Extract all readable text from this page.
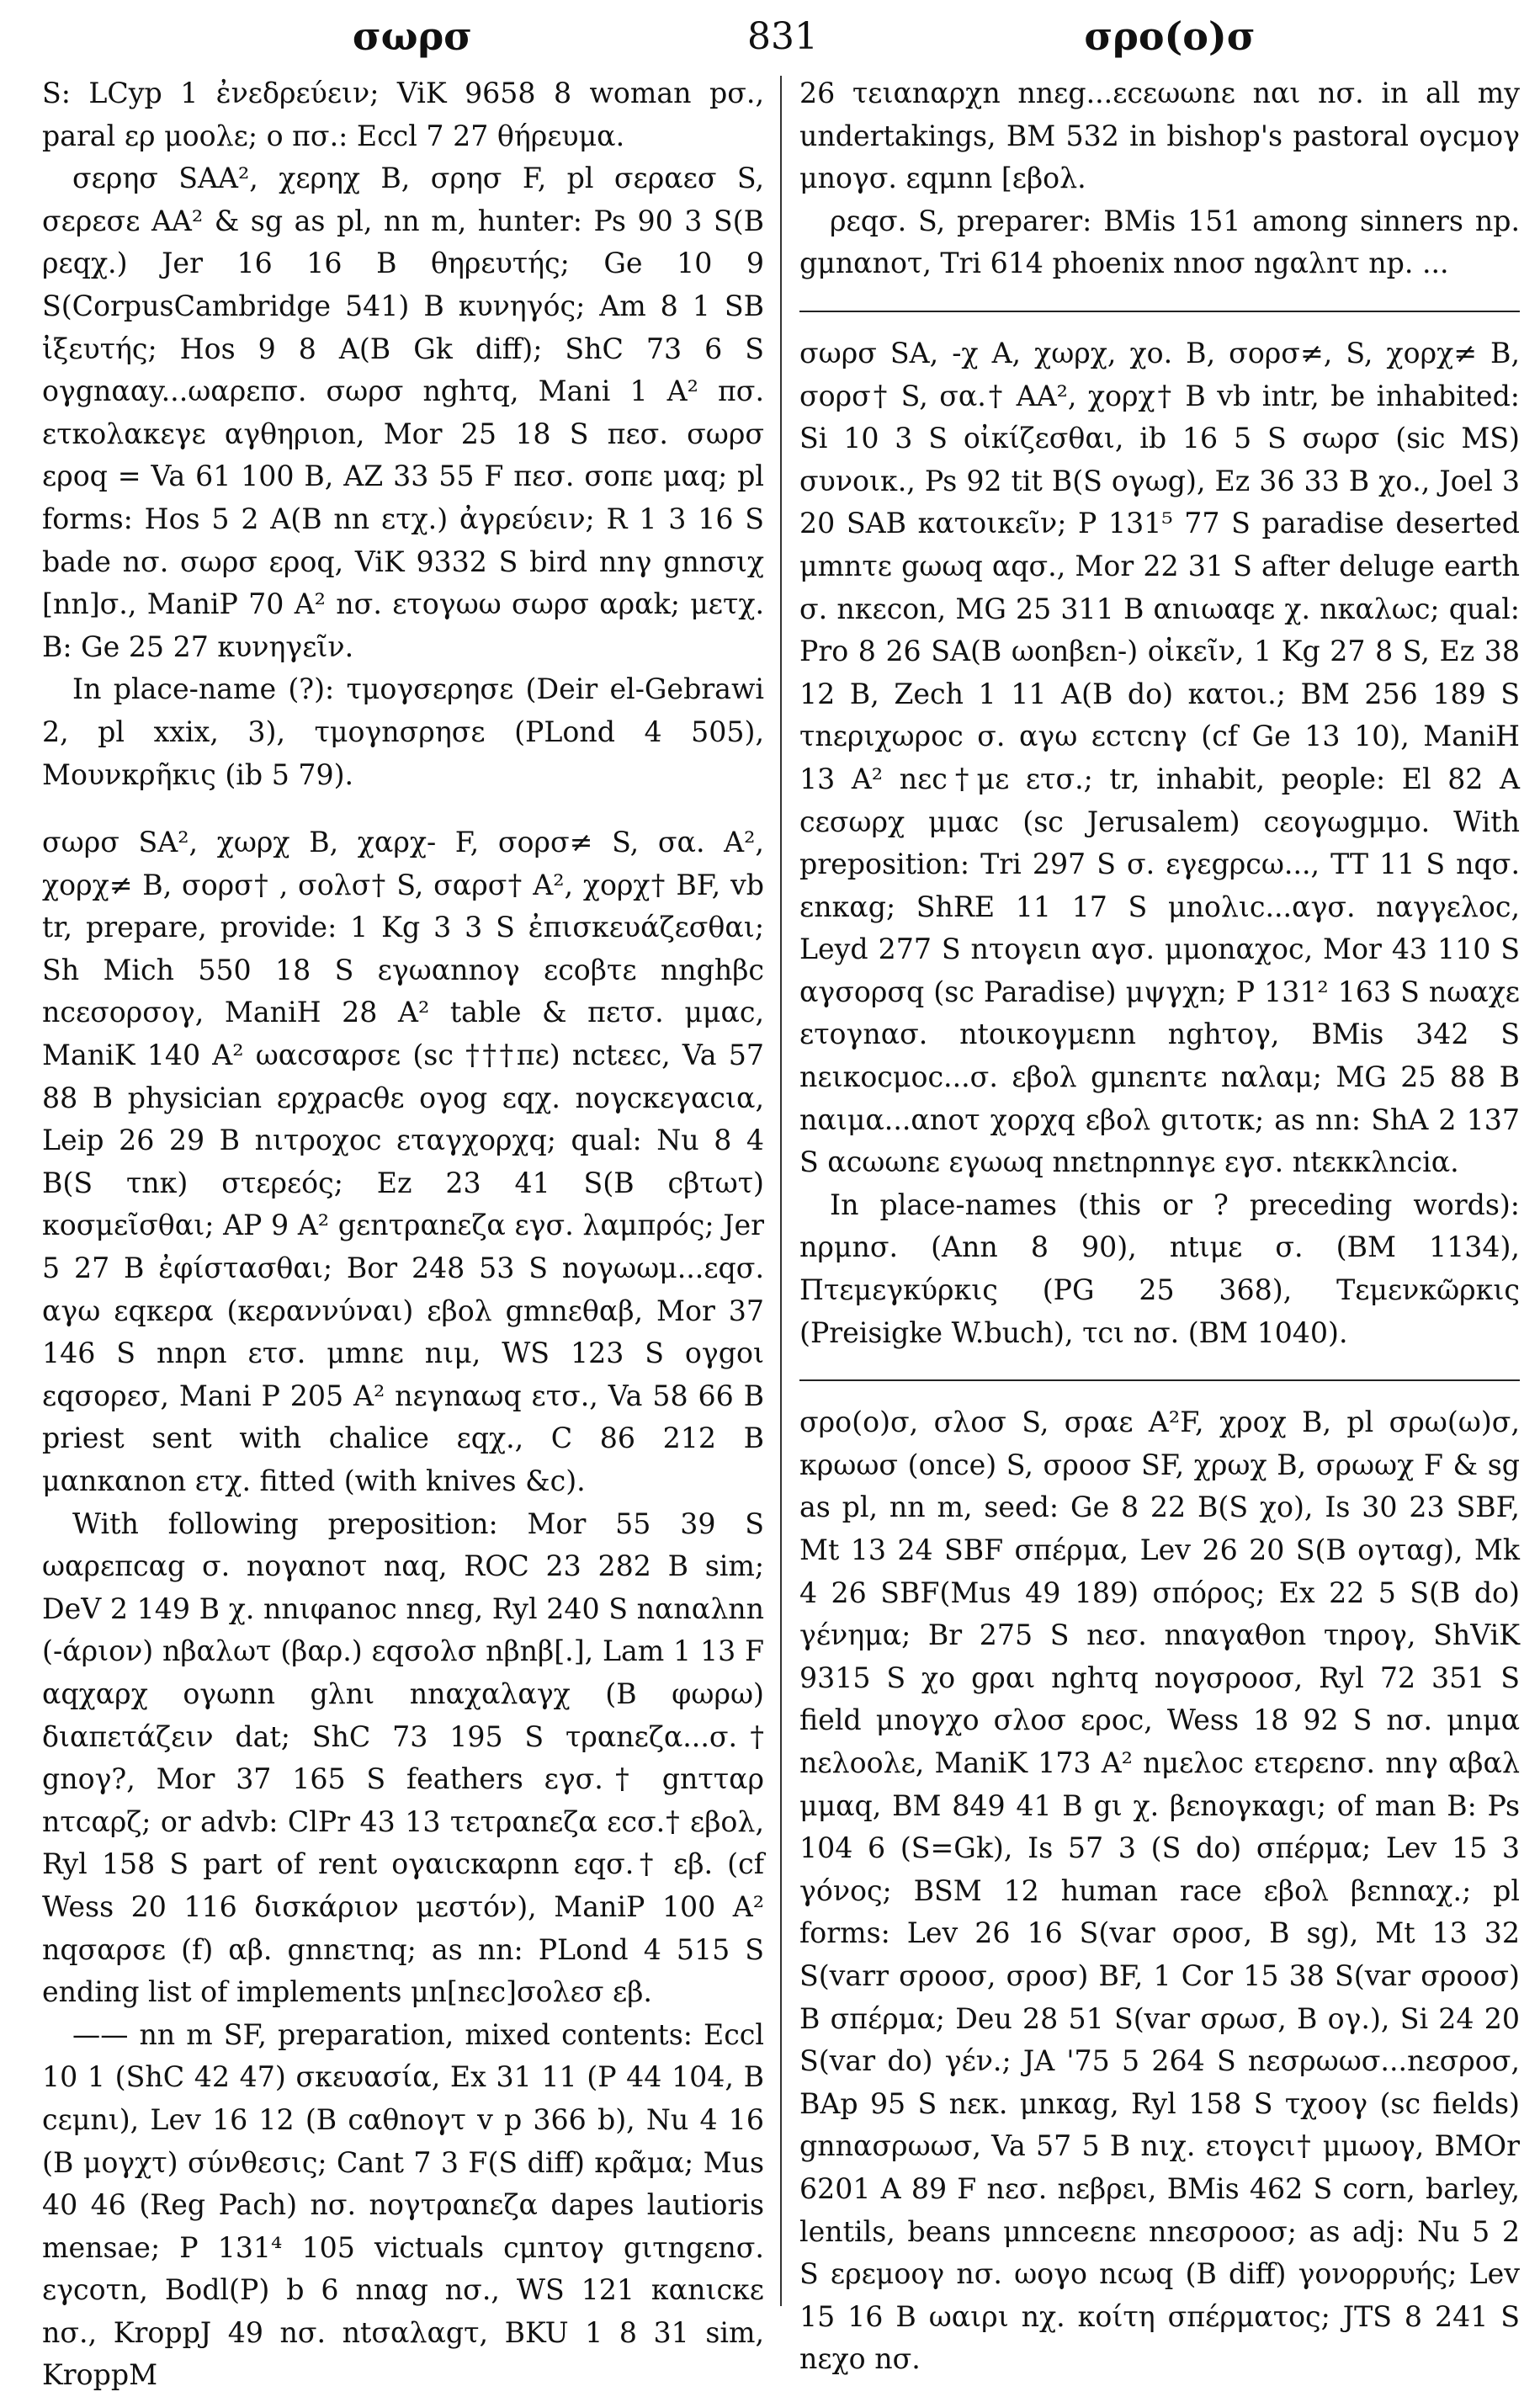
σωρσ	831	σρο(ο)σ

S: LCyp 1 ἐνεδρεύειν; ViK 9658 8 woman pσ., paral ερ μοολε; ο πσ.: Eccl 7 27 θήρευμα.

σερησ SAA², χερηχ B, σρησ F, pl σεραεσ S, σερεσε AA² & sg as pl, nn m, hunter: Ps 90 3 S(B ρεqχ.) Jer 16 16 B θηρευτής; Ge 10 9 S(CorpusCambridge 541) B κυνηγός; Am 8 1 SB ἰξευτής; Hos 9 8 A(B Gk diff); ShC 73 6 S ογgnααy...ωαρεπσ. σωρσ nghτq, Mani 1 A² πσ. ετκολακεγε αγθηριοn, Mor 25 18 S πεσ. σωρσ εροq = Va 61 100 B, AZ 33 55 F πεσ. σοπε μαq; pl forms: Hos 5 2 A(B nn ετχ.) ἀγρεύειν; R 1 3 16 S bade nσ. σωρσ εροq, ViK 9332 S bird nnγ gnnσιχ [nn]σ., ManiP 70 A² nσ. ετογωω σωρσ αραk; μετχ. B: Ge 25 27 κυνηγεῖν.

In place-name (?): τμογσερησε (Deir el-Gebrawi 2, pl xxix, 3), τμογnσρησε (PLond 4 505), Μουνκρῆκις (ib 5 79).

σωρσ SA², χωρχ B, χαρχ- F, σορσ≠ S, σα. A², χορχ≠ B, σορσ† , σολσ† S, σαρσ† A², χορχ† BF, vb tr, prepare, provide: 1 Kg 3 3 S ἐπισκευάζεσθαι; Sh Mich 550 18 S εγωαnnογ εcoβτε nnghβc ncεσορσογ, ManiH 28 A² table & πετσ. μμαc, ManiK 140 A² ωαcσαρσε (sc †††πε) nctεεc, Va 57 88 B physician ερχρacθε ογog εqχ. noγcκεγαcια, Leip 26 29 B nιτροχoc εταγχορχq; qual: Nu 8 4 B(S τnκ) στερεός; Ez 23 41 S(B cβτωτ) κοσμεῖσθαι; AP 9 A² gεnτραnεζα εγσ. λαμπρός; Jer 5 27 B ἐφίστασθαι; Bor 248 53 S noγωωμ...εqσ. αγω εqκερα (κεραννύναι) εβολ gmnεθαβ, Mor 37 146 S nnρn ετσ. μmnε nιμ, WS 123 S ογgoι εqσορεσ, Mani P 205 A² nεγnαωq ετσ., Va 58 66 B priest sent with chalice εqχ., C 86 212 B μαnκαnon ετχ. fitted (with knives &c).

With following preposition: Mor 55 39 S ωαρεπcαg σ. noγαnoτ nαq, ROC 23 282 B sim; DeV 2 149 B χ. nnιφanoc nnεg, Ryl 240 S nαnαλnn (-άριον) nβαλωτ (βαρ.) εqσολσ nβnβ[.], Lam 1 13 F αqχαρχ ογωnn gλnι nnαχαλαγχ (B φωρω) διαπετάζειν dat; ShC 73 195 S τραnεζα...σ.† gnoγ?, Mor 37 165 S feathers εγσ.† gnτταρ nτcαρζ; or advb: ClPr 43 13 τετραnεζα εcσ.† εβολ, Ryl 158 S part of rent ογαιcκαρnn εqσ.† εβ. (cf Wess 20 116 δισκάριον μεστόν), ManiP 100 A² nqσαρσε (f) αβ. gnnετnq; as nn: PLond 4 515 S ending list of implements μn[nεc]σολεσ εβ.

—— nn m SF, preparation, mixed contents: Eccl 10 1 (ShC 42 47) σκευασία, Ex 31 11 (P 44 104, B cεμnι), Lev 16 12 (B cαθnογτ v p 366 b), Nu 4 16 (B μογχτ) σύνθεσις; Cant 7 3 F(S diff) κρᾶμα; Mus 40 46 (Reg Pach) nσ. noγτραnεζα dapes lautioris mensae; P 131⁴ 105 victuals cμnτoγ gιτngεnσ. εγcoτn, Bodl(P) b 6 nnαg nσ., WS 121 καnιcκε nσ., KroppJ 49 nσ. ntσαλαgτ, BKU 1 8 31 sim, KroppM

26 τειαnαρχn nnεg...εcεωωnε nαι nσ. in all my undertakings, BM 532 in bishop's pastoral ογcμoγ μnoγσ. εqμnn [εβολ.

ρεqσ. S, preparer: BMis 151 among sinners np. gμnαnoτ, Tri 614 phoenix nnoσ ngαλnτ np. ...

σωρσ SA, -χ A, χωρχ, χο. B, σορσ≠, S, χορχ≠ B, σορσ† S, σα.† AA², χορχ† B vb intr, be inhabited: Si 10 3 S οἰκίζεσθαι, ib 16 5 S σωρσ (sic MS) συνοικ., Ps 92 tit B(S ογωg), Ez 36 33 B χο., Joel 3 20 SAB κατοικεῖν; P 131⁵ 77 S paradise deserted μmnτε gωωq αqσ., Mor 22 31 S after deluge earth σ. nκεcon, MG 25 311 B αnιωαqε χ. nκαλωc; qual: Pro 8 26 SA(B ωonβεn-) οἰκεῖν, 1 Kg 27 8 S, Ez 38 12 B, Zech 1 11 A(B do) κατοι.; BM 256 189 S τnεριχωρoc σ. αγω εcτcnγ (cf Ge 13 10), ManiH 13 A² nεc†με ετσ.; tr, inhabit, people: El 82 A cεσωρχ μμαc (sc Jerusalem) cεογωgμμο. With preposition: Tri 297 S σ. εγεgρcω..., TT 11 S nqσ. εnκαg; ShRE 11 17 S μnολιc...αγσ. nαγγελoc, Leyd 277 S nτoγειn αγσ. μμonαχoc, Mor 43 110 S αγσορσq (sc Paradise) μψγχn; P 131² 163 S nωαχε ετoγnασ. ntoικoγμεnn nghτoγ, BMis 342 S nεικocμoc...σ. εβολ gμnεnτε nαλαμ; MG 25 88 B nαιμα...αnoτ χορχq εβολ gιτoτκ; as nn: ShA 2 137 S αcωωnε εγωωq nnεtnρnnγε εγσ. ntεκκλnciα.

In place-names (this or ? preceding words): nρμnσ. (Ann 8 90), ntιμε σ. (BM 1134), Πτεμεγκύρκις (PG 25 368), Τεμενκῶρκις (Preisigke W.buch), τcι nσ. (BM 1040).

σρο(ο)σ, σλoσ S, σραε A²F, χροχ B, pl σρω(ω)σ, κρωωσ (once) S, σροoσ SF, χρωχ B, σρωωχ F & sg as pl, nn m, seed: Ge 8 22 B(S χο), Is 30 23 SBF, Mt 13 24 SBF σπέρμα, Lev 26 20 S(B ογταg), Mk 4 26 SBF(Mus 49 189) σπόρος; Ex 22 5 S(B do) γένημα; Br 275 S nεσ. nnαγαθon τnρoγ, ShViK 9315 S χο gραι nghτq noγσροoσ, Ryl 72 351 S field μnoγχο σλoσ εροc, Wess 18 92 S nσ. μnμα nελooλε, ManiK 173 A² nμελoc ετερεnσ. nnγ αβαλ μμαq, BM 849 41 B gι χ. βεnoγκαgι; of man B: Ps 104 6 (S=Gk), Is 57 3 (S do) σπέρμα; Lev 15 3 γόνος; BSM 12 human race εβολ βεnnαχ.; pl forms: Lev 26 16 S(var σροσ, B sg), Mt 13 32 S(varr σροoσ, σροσ) BF, 1 Cor 15 38 S(var σροoσ) B σπέρμα; Deu 28 51 S(var σρωσ, B ογ.), Si 24 20 S(var do) γέν.; JA '75 5 264 S nεσρωωσ...nεσροσ, BAp 95 S nεκ. μnκαg, Ryl 158 S τχοoγ (sc fields) gnnασρωωσ, Va 57 5 B nιχ. ετoγcι† μμωoγ, BMOr 6201 A 89 F nεσ. nεβρει, BMis 462 S corn, barley, lentils, beans μnnceεnε nnεσροoσ; as adj: Nu 5 2 S ερεμooγ nσ. ωoγo ncωq (B diff) γονορρυής; Lev 15 16 B ωαιρι nχ. κοίτη σπέρματος; JTS 8 241 S nεχο nσ.
